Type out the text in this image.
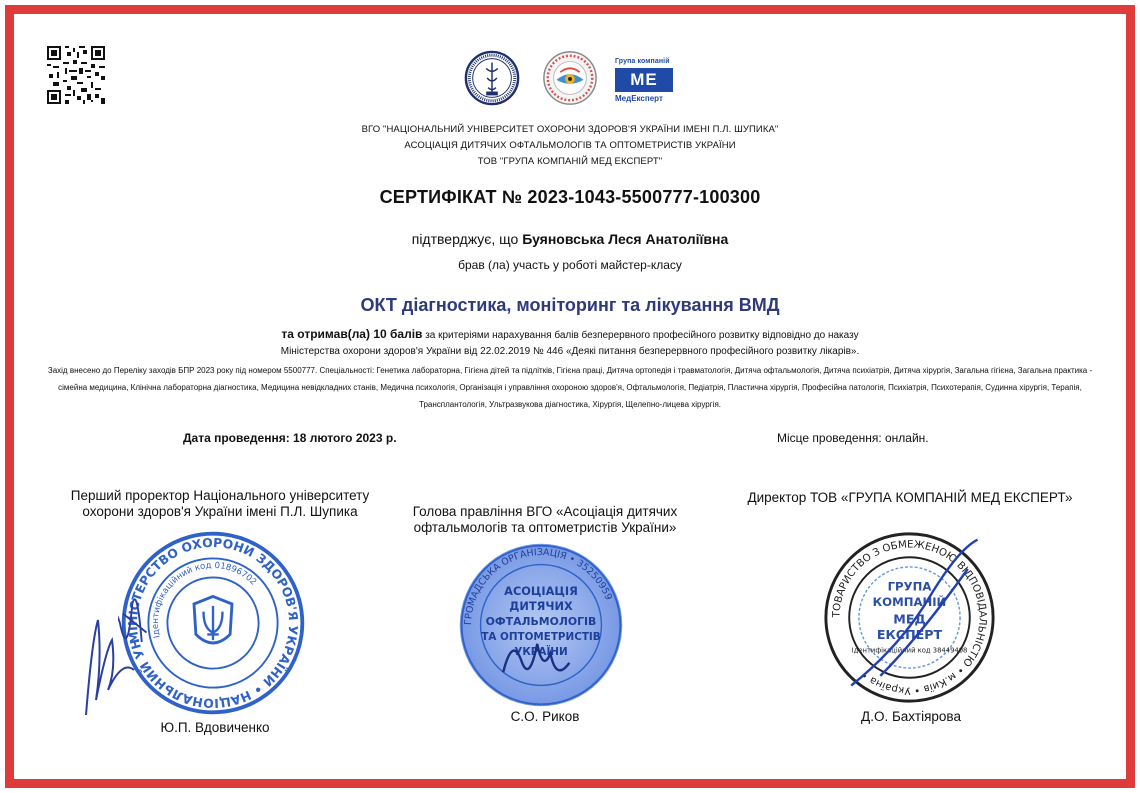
Група компаній
МЕ
МедЕксперт
ВГО "НАЦІОНАЛЬНИЙ УНІВЕРСИТЕТ ОХОРОНИ ЗДОРОВ'Я УКРАЇНИ ІМЕНІ П.Л. ШУПИКА"
АСОЦІАЦІЯ ДИТЯЧИХ ОФТАЛЬМОЛОГІВ ТА ОПТОМЕТРИСТІВ УКРАЇНИ
ТОВ "ГРУПА КОМПАНІЙ МЕД ЕКСПЕРТ"
СЕРТИФІКАТ № 2023-1043-5500777-100300
підтверджує, що Буяновська Леся Анатоліївна
брав (ла) участь у роботі майстер-класу
ОКТ діагностика, моніторинг та лікування ВМД
та отримав(ла) 10 балів за критеріями нарахування балів безперервного професійного розвитку відповідно до наказу
Міністерства охорони здоров'я України від 22.02.2019 № 446 «Деякі питання безперервного професійного розвитку лікарів».
Захід внесено до Переліку заходів БПР 2023 року під номером 5500777. Спеціальності: Генетика лабораторна, Гігієна дітей та підлітків, Гігієна праці, Дитяча ортопедія і травматологія, Дитяча офтальмологія, Дитяча психіатрія, Дитяча хірургія, Загальна гігієна, Загальна практика - сімейна медицина, Клінічна лабораторна діагностика, Медицина невідкладних станів, Медична психологія, Організація і управління охороною здоров'я, Офтальмологія, Педіатрія, Пластична хірургія, Професійна патологія, Психіатрія, Психотерапія, Судинна хірургія, Терапія, Трансплантологія, Ультразвукова діагностика, Хірургія, Щелепно-лицева хірургія.
Дата проведення: 18 лютого 2023 р.	Місце проведення: онлайн.
Перший проректор Національного університету охорони здоров'я України імені П.Л. Шупика	Голова правління ВГО «Асоціація дитячих офтальмологів та оптометристів України»
Директор ТОВ «ГРУПА КОМПАНІЙ МЕД ЕКСПЕРТ»
МІНІСТЕРСТВО ОХОРОНИ ЗДОРОВ'Я УКРАЇНИ • НАЦІОНАЛЬНИЙ УНІВЕРСИТЕТ
Ідентифікаційний код 01896702
ГРОМАДСЬКА ОРГАНІЗАЦІЯ • 35250959
АСОЦІАЦІЯ
ДИТЯЧИХ
ОФТАЛЬМОЛОГІВ
ТА ОПТОМЕТРИСТІВ
УКРАЇНИ
ТОВАРИСТВО З ОБМЕЖЕНОЮ ВІДПОВІДАЛЬНІСТЮ • м.Київ • Україна •
ГРУПА
КОМПАНІЙ
МЕД
ЕКСПЕРТ
Ідентифікаційний код 38449408
Ю.П. Вдовиченко
С.О. Риков	Д.О. Бахтіярова
